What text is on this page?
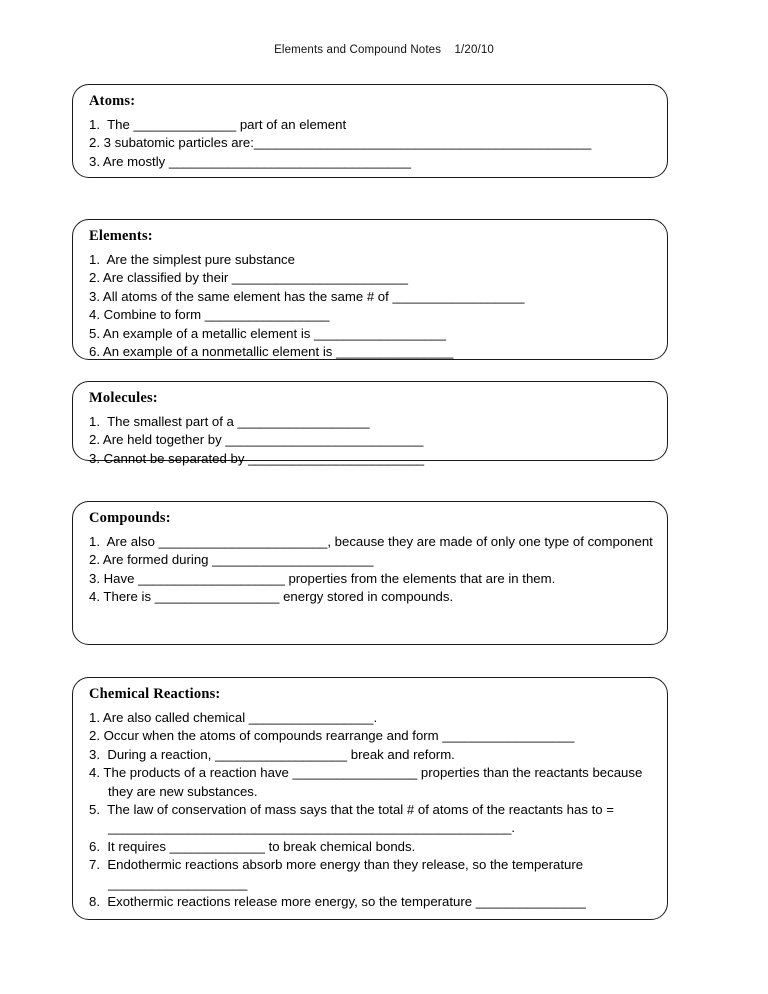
Elements and Compound Notes    1/20/10
Atoms:
1.  The ______________ part of an element
2. 3 subatomic particles are:______________________________________________
3. Are mostly _________________________________
Elements:
1.  Are the simplest pure substance
2. Are classified by their ________________________
3. All atoms of the same element has the same # of __________________
4. Combine to form _________________
5. An example of a metallic element is __________________
6. An example of a nonmetallic element is ________________
Molecules:
1.  The smallest part of a __________________
2. Are held together by ___________________________
3. Cannot be separated by ________________________
Compounds:
1.  Are also _______________________, because they are made of only one type of component
2. Are formed during ______________________
3. Have ____________________ properties from the elements that are in them.
4. There is _________________ energy stored in compounds.
Chemical Reactions:
1. Are also called chemical _________________.
2. Occur when the atoms of compounds rearrange and form __________________
3.  During a reaction, __________________ break and reform.
4. The products of a reaction have _________________ properties than the reactants because they are new substances.
5.  The law of conservation of mass says that the total # of atoms of the reactants has to = _______________________________________________________.
6.  It requires _____________ to break chemical bonds.
7.  Endothermic reactions absorb more energy than they release, so the temperature ___________________
8.  Exothermic reactions release more energy, so the temperature _______________
